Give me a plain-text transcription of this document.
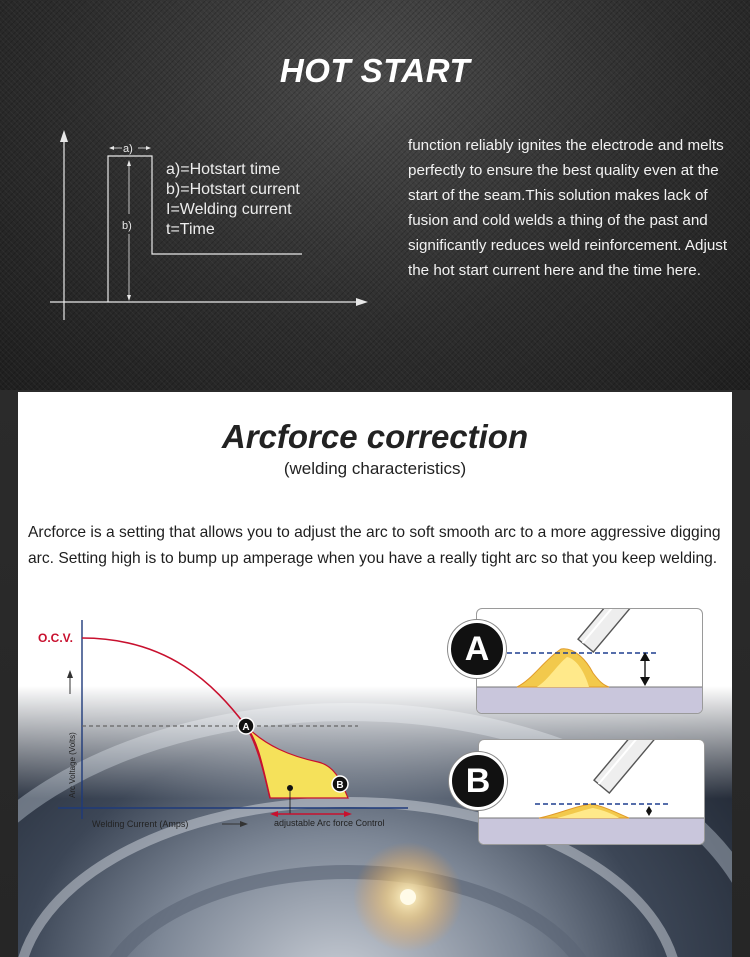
HOT START
a)
b)
a)=Hotstart time
b)=Hotstart current
I=Welding current
t=Time

function reliably ignites the electrode and melts perfectly to ensure the best quality even at the start of the seam.This solution makes lack of fusion and cold welds a thing of the past and significantly reduces weld reinforcement. Adjust the hot start current here and the time here.

Arcforce correction
(welding characteristics)

Arcforce is a setting that allows you to adjust the arc to soft smooth arc to a more aggressive digging arc. Setting high is to bump up amperage when you have a really tight arc so that you keep welding.

O.C.V.
Arc Voltage (Volts)
Welding Current (Amps)
A
B
adjustable Arc force Control
A
B
